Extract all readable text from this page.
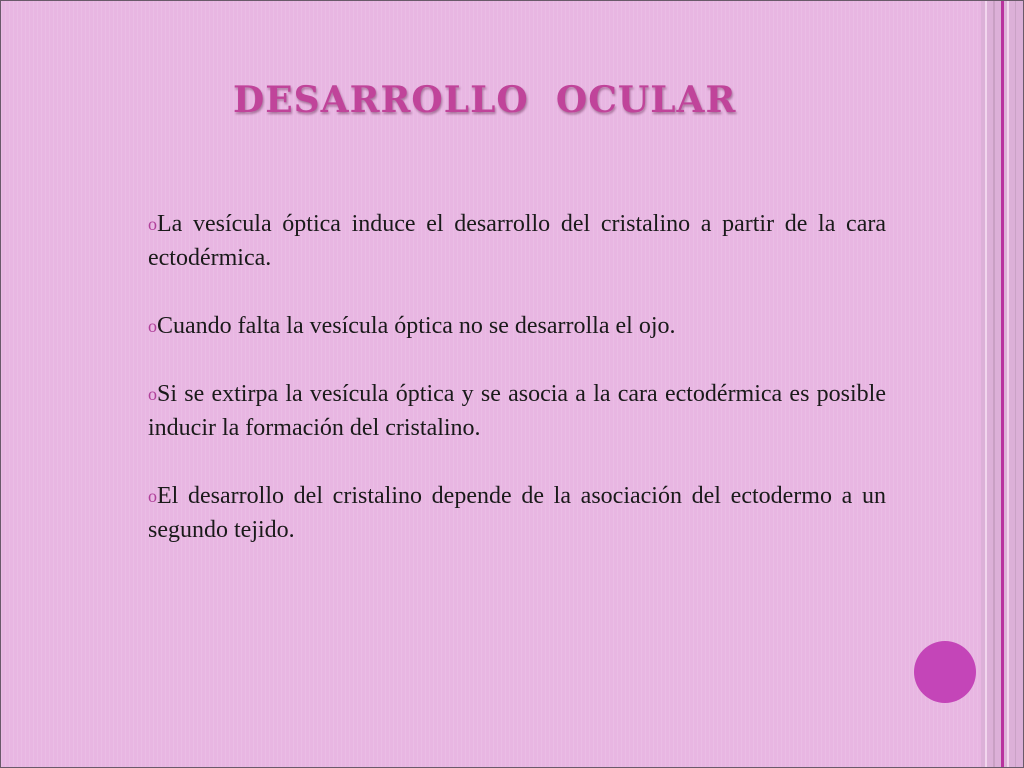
DESARROLLO  OCULAR

oLa vesícula óptica induce el desarrollo del cristalino a partir de la cara ectodérmica.

oCuando falta la vesícula óptica no se desarrolla el ojo.

oSi se extirpa la vesícula óptica y se asocia a la cara ectodérmica es posible inducir la formación del cristalino.

oEl desarrollo del cristalino depende de la asociación del ectodermo a un segundo tejido.
